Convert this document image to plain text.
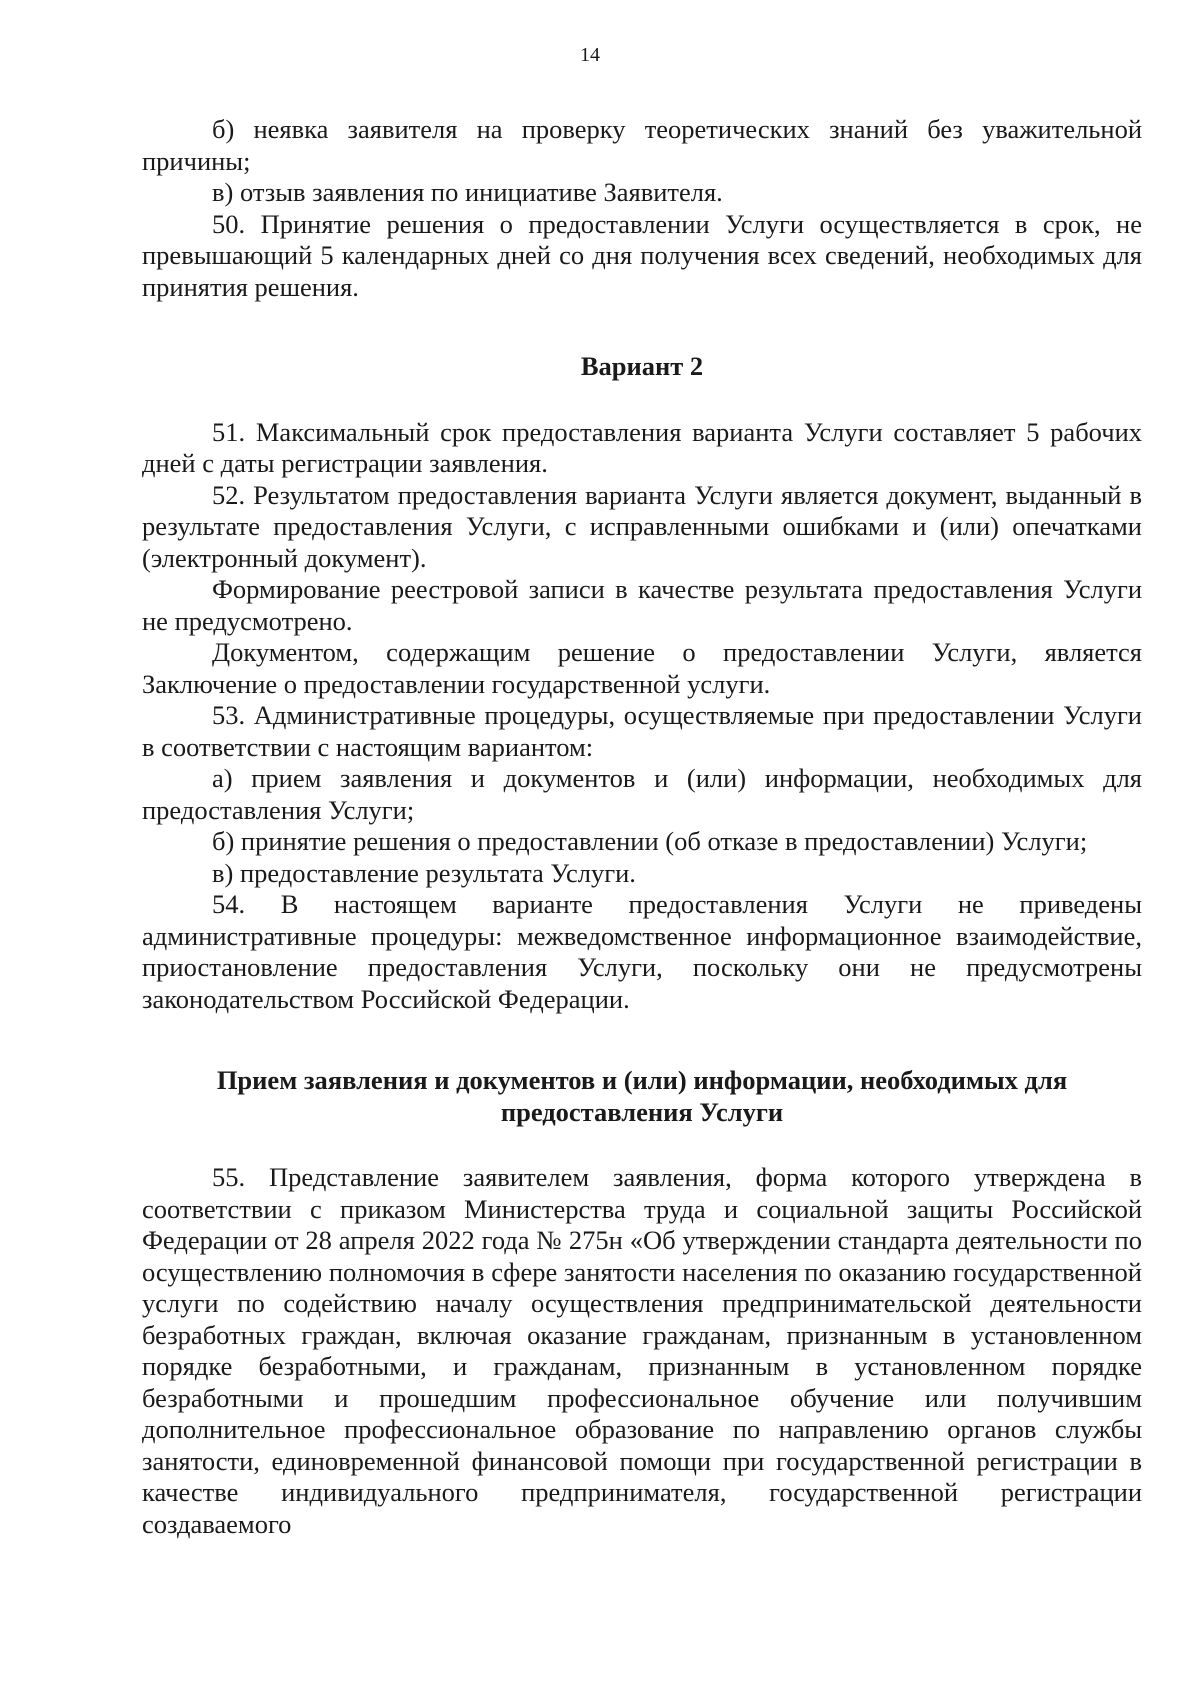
14

б) неявка заявителя на проверку теоретических знаний без уважительной причины;

в) отзыв заявления по инициативе Заявителя.

50. Принятие решения о предоставлении Услуги осуществляется в срок, не превышающий 5 календарных дней со дня получения всех сведений, необходимых для принятия решения.

Вариант 2

51. Максимальный срок предоставления варианта Услуги составляет 5 рабочих дней с даты регистрации заявления.

52. Результатом предоставления варианта Услуги является документ, выданный в результате предоставления Услуги, с исправленными ошибками и (или) опечатками (электронный документ).

Формирование реестровой записи в качестве результата предоставления Услуги не предусмотрено.

Документом, содержащим решение о предоставлении Услуги, является Заключение о предоставлении государственной услуги.

53. Административные процедуры, осуществляемые при предоставлении Услуги в соответствии с настоящим вариантом:

а) прием заявления и документов и (или) информации, необходимых для предоставления Услуги;

б) принятие решения о предоставлении (об отказе в предоставлении) Услуги;

в) предоставление результата Услуги.

54. В настоящем варианте предоставления Услуги не приведены административные процедуры: межведомственное информационное взаимодействие, приостановление предоставления Услуги, поскольку они не предусмотрены законодательством Российской Федерации.

Прием заявления и документов и (или) информации, необходимых для предоставления Услуги

55. Представление заявителем заявления, форма которого утверждена в соответствии с приказом Министерства труда и социальной защиты Российской Федерации от 28 апреля 2022 года № 275н «Об утверждении стандарта деятельности по осуществлению полномочия в сфере занятости населения по оказанию государственной услуги по содействию началу осуществления предпринимательской деятельности безработных граждан, включая оказание гражданам, признанным в установленном порядке безработными, и гражданам, признанным в установленном порядке безработными и прошедшим профессиональное обучение или получившим дополнительное профессиональное образование по направлению органов службы занятости, единовременной финансовой помощи при государственной регистрации в качестве индивидуального предпринимателя, государственной регистрации создаваемого
